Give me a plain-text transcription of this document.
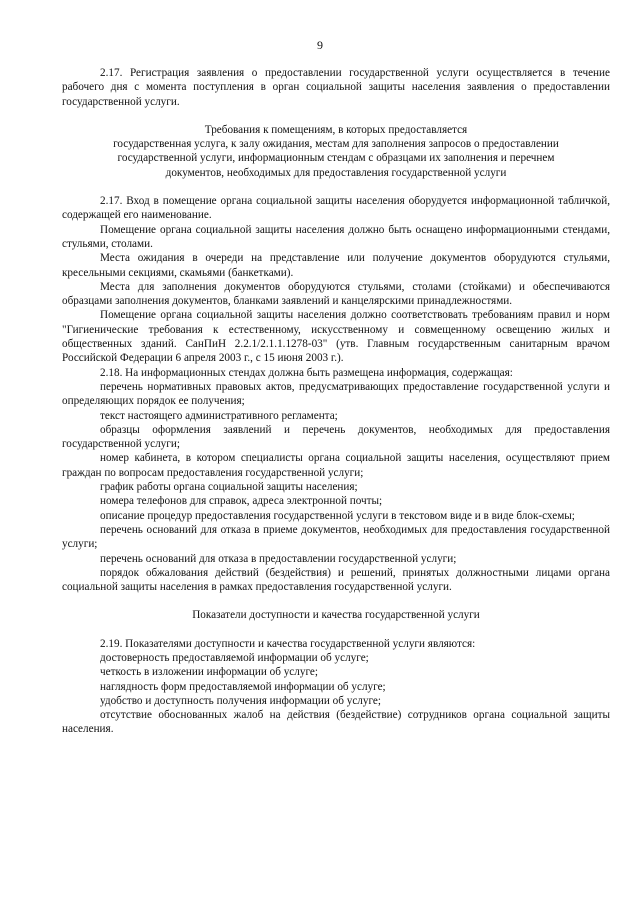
9

2.17. Регистрация заявления о предоставлении государственной услуги осуществляется в течение рабочего дня с момента поступления в орган социальной защиты населения заявления о предоставлении государственной услуги.

Требования к помещениям, в которых предоставляется
государственная услуга, к залу ожидания, местам для заполнения запросов о предоставлении
государственной услуги, информационным стендам с образцами их заполнения и перечнем
документов, необходимых для предоставления государственной услуги

2.17. Вход в помещение органа социальной защиты населения оборудуется информационной табличкой, содержащей его наименование.

Помещение органа социальной защиты населения должно быть оснащено информационными стендами, стульями, столами.

Места ожидания в очереди на представление или получение документов оборудуются стульями, кресельными секциями, скамьями (банкетками).

Места для заполнения документов оборудуются стульями, столами (стойками) и обеспечиваются образцами заполнения документов, бланками заявлений и канцелярскими принадлежностями.

Помещение органа социальной защиты населения должно соответствовать требованиям правил и норм "Гигиенические требования к естественному, искусственному и совмещенному освещению жилых и общественных зданий. СанПиН 2.2.1/2.1.1.1278-03" (утв. Главным государственным санитарным врачом Российской Федерации 6 апреля 2003 г., с 15 июня 2003 г.).

2.18. На информационных стендах должна быть размещена информация, содержащая:

перечень нормативных правовых актов, предусматривающих предоставление государственной услуги и определяющих порядок ее получения;

текст настоящего административного регламента;

образцы оформления заявлений и перечень документов, необходимых для предоставления государственной услуги;

номер кабинета, в котором специалисты органа социальной защиты населения, осуществляют прием граждан по вопросам предоставления государственной услуги;

график работы органа социальной защиты населения;

номера телефонов для справок, адреса электронной почты;

описание процедур предоставления государственной услуги в текстовом виде и в виде блок-схемы;

перечень оснований для отказа в приеме документов, необходимых для предоставления государственной услуги;

перечень оснований для отказа в предоставлении государственной услуги;

порядок обжалования действий (бездействия) и решений, принятых должностными лицами органа социальной защиты населения в рамках предоставления государственной услуги.

Показатели доступности и качества государственной услуги

2.19. Показателями доступности и качества государственной услуги являются:

достоверность предоставляемой информации об услуге;

четкость в изложении информации об услуге;

наглядность форм предоставляемой информации об услуге;

удобство и доступность получения информации об услуге;

отсутствие обоснованных жалоб на действия (бездействие) сотрудников органа социальной защиты населения.
